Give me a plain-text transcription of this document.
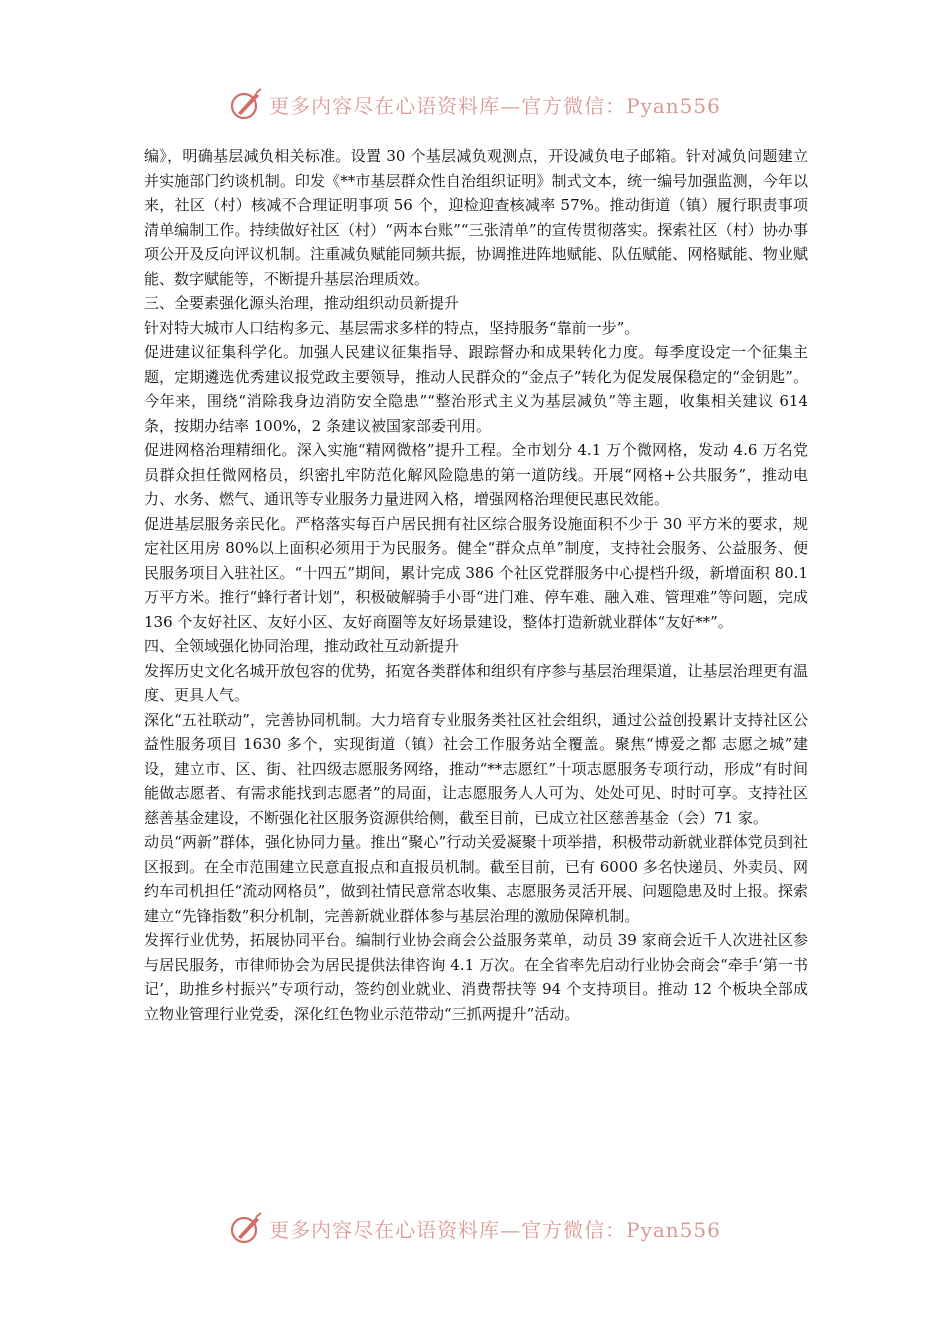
更多内容尽在心语资料库—官方微信：Pyan556

编》，明确基层减负相关标准。设置 30 个基层减负观测点，开设减负电子邮箱。针对减负问题建立并实施部门约谈机制。印发《**市基层群众性自治组织证明》制式文本，统一编号加强监测，今年以来，社区（村）核减不合理证明事项 56 个，迎检迎查核减率 57%。推动街道（镇）履行职责事项清单编制工作。持续做好社区（村）“两本台账”“三张清单”的宣传贯彻落实。探索社区（村）协办事项公开及反向评议机制。注重减负赋能同频共振，协调推进阵地赋能、队伍赋能、网格赋能、物业赋能、数字赋能等，不断提升基层治理质效。

三、全要素强化源头治理，推动组织动员新提升

针对特大城市人口结构多元、基层需求多样的特点，坚持服务“靠前一步”。

促进建议征集科学化。加强人民建议征集指导、跟踪督办和成果转化力度。每季度设定一个征集主题，定期遴选优秀建议报党政主要领导，推动人民群众的“金点子”转化为促发展保稳定的“金钥匙”。今年来，围绕“消除我身边消防安全隐患”“整治形式主义为基层减负”等主题，收集相关建议 614 条，按期办结率 100%，2 条建议被国家部委刊用。

促进网格治理精细化。深入实施“精网微格”提升工程。全市划分 4.1 万个微网格，发动 4.6 万名党员群众担任微网格员，织密扎牢防范化解风险隐患的第一道防线。开展“网格+公共服务”，推动电力、水务、燃气、通讯等专业服务力量进网入格，增强网格治理便民惠民效能。

促进基层服务亲民化。严格落实每百户居民拥有社区综合服务设施面积不少于 30 平方米的要求，规定社区用房 80%以上面积必须用于为民服务。健全“群众点单”制度，支持社会服务、公益服务、便民服务项目入驻社区。“十四五”期间，累计完成 386 个社区党群服务中心提档升级，新增面积 80.1 万平方米。推行“蜂行者计划”，积极破解骑手小哥“进门难、停车难、融入难、管理难”等问题，完成 136 个友好社区、友好小区、友好商圈等友好场景建设，整体打造新就业群体“友好**”。

四、全领域强化协同治理，推动政社互动新提升

发挥历史文化名城开放包容的优势，拓宽各类群体和组织有序参与基层治理渠道，让基层治理更有温度、更具人气。

深化“五社联动”，完善协同机制。大力培育专业服务类社区社会组织，通过公益创投累计支持社区公益性服务项目 1630 多个，实现街道（镇）社会工作服务站全覆盖。聚焦“博爱之都 志愿之城”建设，建立市、区、街、社四级志愿服务网络，推动“**志愿红”十项志愿服务专项行动，形成“有时间能做志愿者、有需求能找到志愿者”的局面，让志愿服务人人可为、处处可见、时时可享。支持社区慈善基金建设，不断强化社区服务资源供给侧，截至目前，已成立社区慈善基金（会）71 家。

动员“两新”群体，强化协同力量。推出“聚心”行动关爱凝聚十项举措，积极带动新就业群体党员到社区报到。在全市范围建立民意直报点和直报员机制。截至目前，已有 6000 多名快递员、外卖员、网约车司机担任“流动网格员”，做到社情民意常态收集、志愿服务灵活开展、问题隐患及时上报。探索建立“先锋指数”积分机制，完善新就业群体参与基层治理的激励保障机制。

发挥行业优势，拓展协同平台。编制行业协会商会公益服务菜单，动员 39 家商会近千人次进社区参与居民服务，市律师协会为居民提供法律咨询 4.1 万次。在全省率先启动行业协会商会“牵手‘第一书记’，助推乡村振兴”专项行动，签约创业就业、消费帮扶等 94 个支持项目。推动 12 个板块全部成立物业管理行业党委，深化红色物业示范带动“三抓两提升”活动。

更多内容尽在心语资料库—官方微信：Pyan556
